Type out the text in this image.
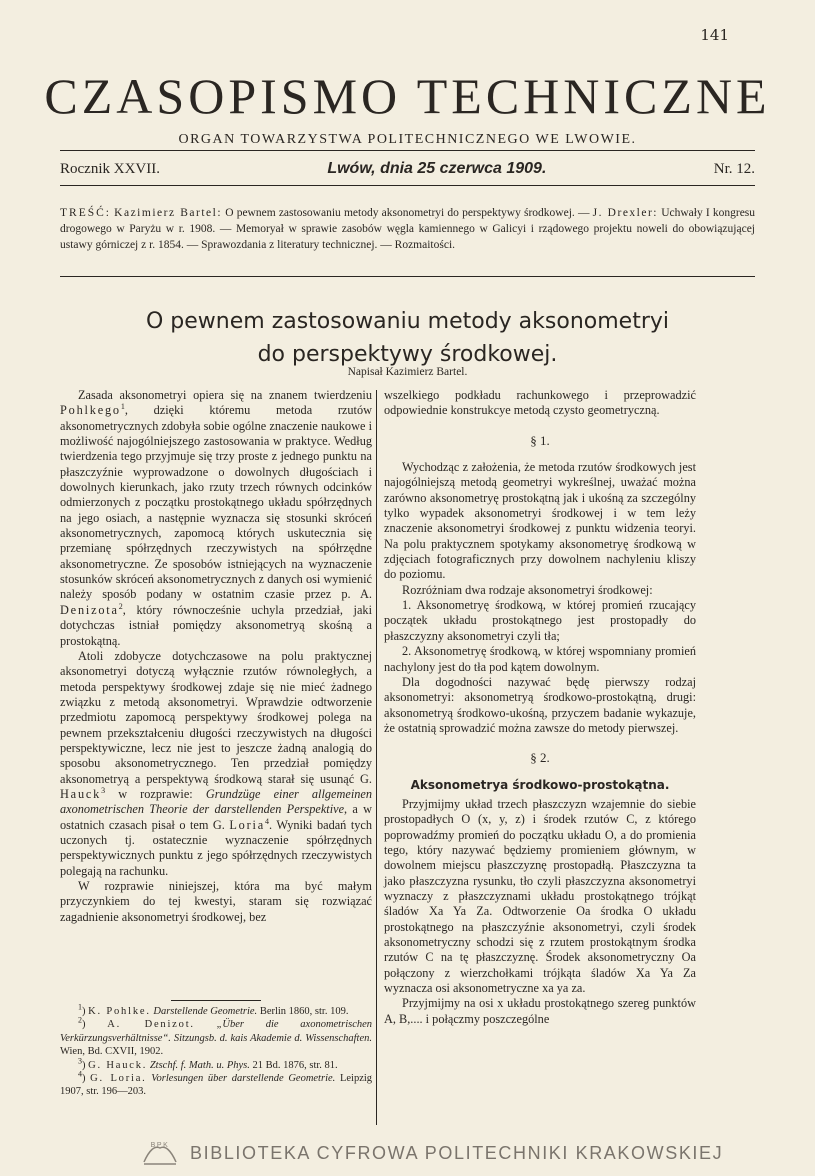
141
CZASOPISMO TECHNICZNE
ORGAN TOWARZYSTWA POLITECHNICZNEGO WE LWOWIE.
Rocznik XXVII.	Lwów, dnia 25 czerwca 1909.	Nr. 12.
TREŚĆ: Kazimierz Bartel: O pewnem zastosowaniu metody aksonometryi do perspektywy środkowej. — J. Drexler: Uchwały I kongresu drogowego w Paryżu w r. 1908. — Memoryał w sprawie zasobów węgla kamiennego w Galicyi i rządowego projektu noweli do obowiązującej ustawy górniczej z r. 1854. — Sprawozdania z literatury technicznej. — Rozmaitości.
O pewnem zastosowaniu metody aksonometryi
do perspektywy środkowej.
Napisał Kazimierz Bartel.

Zasada aksonometryi opiera się na znanem twierdzeniu Pohlkego$^1$, dzięki któremu metoda rzutów aksonometrycznych zdobyła sobie ogólne znaczenie naukowe i możliwość najogólniejszego zastosowania w praktyce. Według twierdzenia tego przyjmuje się trzy proste z jednego punktu na płaszczyźnie wyprowadzone o dowolnych długościach i dowolnych kierunkach, jako rzuty trzech równych odcinków odmierzonych z początku prostokątnego układu spółrzędnych na jego osiach, a następnie wyznacza się stosunki skróceń aksonometrycznych, zapomocą których uskutecznia się przemianę spółrzędnych rzeczywistych na spółrzędne aksonometryczne. Ze sposobów istniejących na wyznaczenie stosunków skróceń aksonometrycznych z danych osi wymienić należy sposób podany w ostatnim czasie przez p. A. Denizota$^2$, który równocześnie uchyla przedział, jaki dotychczas istniał pomiędzy aksonometryą skośną a prostokątną.

Atoli zdobycze dotychczasowe na polu praktycznej aksonometryi dotyczą wyłącznie rzutów równoległych, a metoda perspektywy środkowej zdaje się nie mieć żadnego związku z metodą aksonometryi. Wprawdzie odtworzenie przedmiotu zapomocą perspektywy środkowej polega na pewnem przekształceniu długości rzeczywistych na długości perspektywiczne, lecz nie jest to jeszcze żadną analogią do sposobu aksonometrycznego. Ten przedział pomiędzy aksonometryą a perspektywą środkową starał się usunąć G. Hauck$^3$ w rozprawie: Grundzüge einer allgemeinen axonometrischen Theorie der darstellenden Perspektive, a w ostatnich czasach pisał o tem G. Loria$^4$. Wyniki badań tych uczonych tj. ostatecznie wyznaczenie spółrzędnych perspektywicznych punktu z jego spółrzędnych rzeczywistych polegają na rachunku.

W rozprawie niniejszej, która ma być małym przyczynkiem do tej kwestyi, staram się rozwiązać zagadnienie aksonometryi środkowej, bez

$^1$) K. Pohlke. Darstellende Geometrie. Berlin 1860, str. 109.

$^2$) A. Denizot. „Über die axonometrischen Verkürzungsverhältnisse“. Sitzungsb. d. kais Akademie d. Wissenschaften. Wien, Bd. CXVII, 1902.

$^3$) G. Hauck. Ztschf. f. Math. u. Phys. 21 Bd. 1876, str. 81.

$^4$) G. Loria. Vorlesungen über darstellende Geometrie. Leipzig 1907, str. 196—203.

wszelkiego podkładu rachunkowego i przeprowadzić odpowiednie konstrukcye metodą czysto geometryczną.

§ 1.

Wychodząc z założenia, że metoda rzutów środkowych jest najogólniejszą metodą geometryi wykreślnej, uważać można zarówno aksonometryę prostokątną jak i ukośną za szczególny tylko wypadek aksonometryi środkowej i w tem leży znaczenie aksonometryi środkowej z punktu widzenia teoryi. Na polu praktycznem spotykamy aksonometryę środkową w zdjęciach fotograficznych przy dowolnem nachyleniu kliszy do poziomu.

Rozróżniam dwa rodzaje aksonometryi środkowej:

1. Aksonometryę środkową, w której promień rzucający początek układu prostokątnego jest prostopadły do płaszczyzny aksonometryi czyli tła;

2. Aksonometryę środkową, w której wspomniany promień nachylony jest do tła pod kątem dowolnym.

Dla dogodności nazywać będę pierwszy rodzaj aksonometryi: aksonometryą środkowo-prostokątną, drugi: aksonometryą środkowo-ukośną, przyczem badanie wykazuje, że ostatnią sprowadzić można zawsze do metody pierwszej.

§ 2.
Aksonometrya środkowo-prostokątna.

Przyjmijmy układ trzech płaszczyzn wzajemnie do siebie prostopadłych O (x, y, z) i środek rzutów C, z którego poprowadźmy promień do początku układu O, a do promienia tego, który nazywać będziemy promieniem głównym, w dowolnem miejscu płaszczyznę prostopadłą. Płaszczyzna ta jako płaszczyzna rysunku, tło czyli płaszczyzna aksonometryi wyznaczy z płaszczyznami układu prostokątnego trójkąt śladów Xa Ya Za. Odtworzenie Oa środka O układu prostokątnego na płaszczyźnie aksonometryi, czyli środek aksonometryczny schodzi się z rzutem prostokątnym środka rzutów C na tę płaszczyznę. Środek aksonometryczny Oa połączony z wierzchołkami trójkąta śladów Xa Ya Za wyznacza osi aksonometryczne xa ya za.

Przyjmijmy na osi x układu prostokątnego szereg punktów A, B,.... i połączmy poszczególne

BPK BIBLIOTEKA CYFROWA POLITECHNIKI KRAKOWSKIEJ
